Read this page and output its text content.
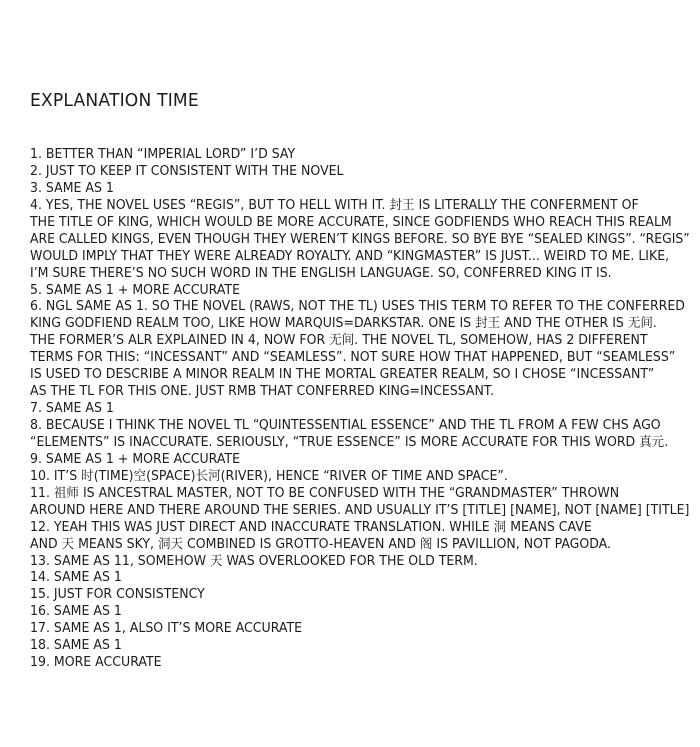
EXPLANATION TIME
1. BETTER THAN “IMPERIAL LORD” I’D SAY
2. JUST TO KEEP IT CONSISTENT WITH THE NOVEL
3. SAME AS 1
4. YES, THE NOVEL USES “REGIS”, BUT TO HELL WITH IT. 封王 IS LITERALLY THE CONFERMENT OF
THE TITLE OF KING, WHICH WOULD BE MORE ACCURATE, SINCE GODFIENDS WHO REACH THIS REALM
ARE CALLED KINGS, EVEN THOUGH THEY WEREN’T KINGS BEFORE. SO BYE BYE “SEALED KINGS”. “REGIS”
WOULD IMPLY THAT THEY WERE ALREADY ROYALTY. AND “KINGMASTER” IS JUST... WEIRD TO ME. LIKE,
I’M SURE THERE’S NO SUCH WORD IN THE ENGLISH LANGUAGE. SO, CONFERRED KING IT IS.
5. SAME AS 1 + MORE ACCURATE
6. NGL SAME AS 1. SO THE NOVEL (RAWS, NOT THE TL) USES THIS TERM TO REFER TO THE CONFERRED
KING GODFIEND REALM TOO, LIKE HOW MARQUIS=DARKSTAR. ONE IS 封王 AND THE OTHER IS 无间.
THE FORMER’S ALR EXPLAINED IN 4, NOW FOR 无间. THE NOVEL TL, SOMEHOW, HAS 2 DIFFERENT
TERMS FOR THIS: “INCESSANT” AND “SEAMLESS”. NOT SURE HOW THAT HAPPENED, BUT “SEAMLESS”
IS USED TO DESCRIBE A MINOR REALM IN THE MORTAL GREATER REALM, SO I CHOSE “INCESSANT”
AS THE TL FOR THIS ONE. JUST RMB THAT CONFERRED KING=INCESSANT.
7. SAME AS 1
8. BECAUSE I THINK THE NOVEL TL “QUINTESSENTIAL ESSENCE” AND THE TL FROM A FEW CHS AGO
“ELEMENTS” IS INACCURATE. SERIOUSLY, “TRUE ESSENCE” IS MORE ACCURATE FOR THIS WORD 真元.
9. SAME AS 1 + MORE ACCURATE
10. IT’S 时(TIME)空(SPACE)长河(RIVER), HENCE “RIVER OF TIME AND SPACE”.
11. 祖师 IS ANCESTRAL MASTER, NOT TO BE CONFUSED WITH THE “GRANDMASTER” THROWN
AROUND HERE AND THERE AROUND THE SERIES. AND USUALLY IT’S [TITLE] [NAME], NOT [NAME] [TITLE]
12. YEAH THIS WAS JUST DIRECT AND INACCURATE TRANSLATION. WHILE 洞 MEANS CAVE
AND 天 MEANS SKY, 洞天 COMBINED IS GROTTO-HEAVEN AND 阁 IS PAVILLION, NOT PAGODA.
13. SAME AS 11, SOMEHOW 天 WAS OVERLOOKED FOR THE OLD TERM.
14. SAME AS 1
15. JUST FOR CONSISTENCY
16. SAME AS 1
17. SAME AS 1, ALSO IT’S MORE ACCURATE
18. SAME AS 1
19. MORE ACCURATE
